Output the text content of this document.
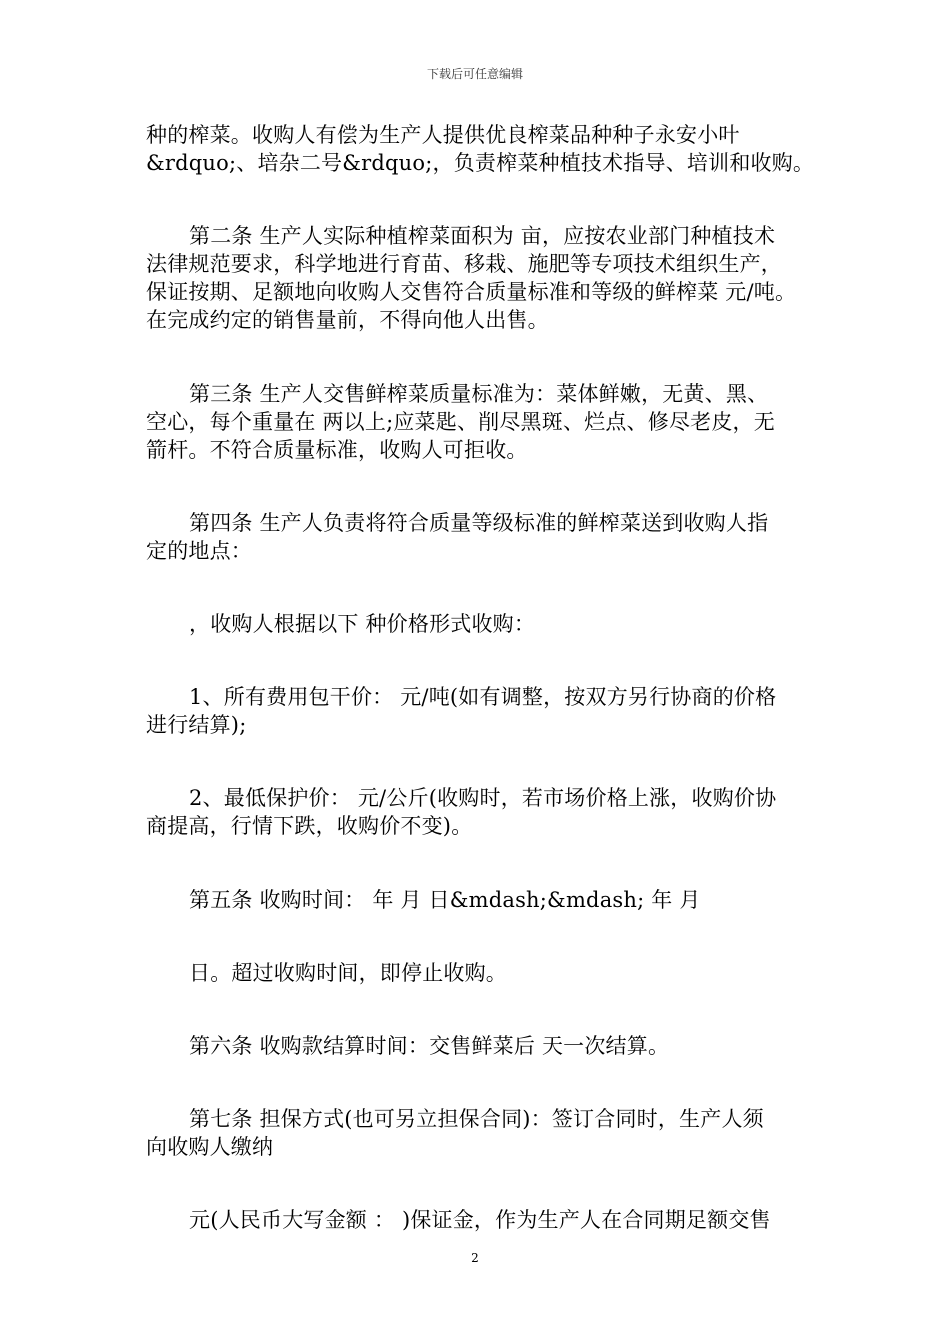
下载后可任意编辑

种的榨菜。收购人有偿为生产人提供优良榨菜品种种子永安小叶
&rdquo;、培杂二号&rdquo;，负责榨菜种植技术指导、培训和收购。

第二条 生产人实际种植榨菜面积为 亩，应按农业部门种植技术
法律规范要求，科学地进行育苗、移栽、施肥等专项技术组织生产，
保证按期、足额地向收购人交售符合质量标准和等级的鲜榨菜 元/吨。
在完成约定的销售量前，不得向他人出售。

第三条 生产人交售鲜榨菜质量标准为：菜体鲜嫩，无黄、黑、
空心，每个重量在 两以上;应菜匙、削尽黑斑、烂点、修尽老皮，无
箭杆。不符合质量标准，收购人可拒收。

第四条 生产人负责将符合质量等级标准的鲜榨菜送到收购人指
定的地点：

，收购人根据以下 种价格形式收购：

1、所有费用包干价： 元/吨(如有调整，按双方另行协商的价格
进行结算);

2、最低保护价： 元/公斤(收购时，若市场价格上涨，收购价协
商提高，行情下跌，收购价不变)。

第五条 收购时间： 年 月 日&mdash;&mdash; 年 月

日。超过收购时间，即停止收购。

第六条 收购款结算时间：交售鲜菜后 天一次结算。

第七条 担保方式(也可另立担保合同)：签订合同时，生产人须
向收购人缴纳

元(人民币大写金额 ： )保证金，作为生产人在合同期足额交售

2
